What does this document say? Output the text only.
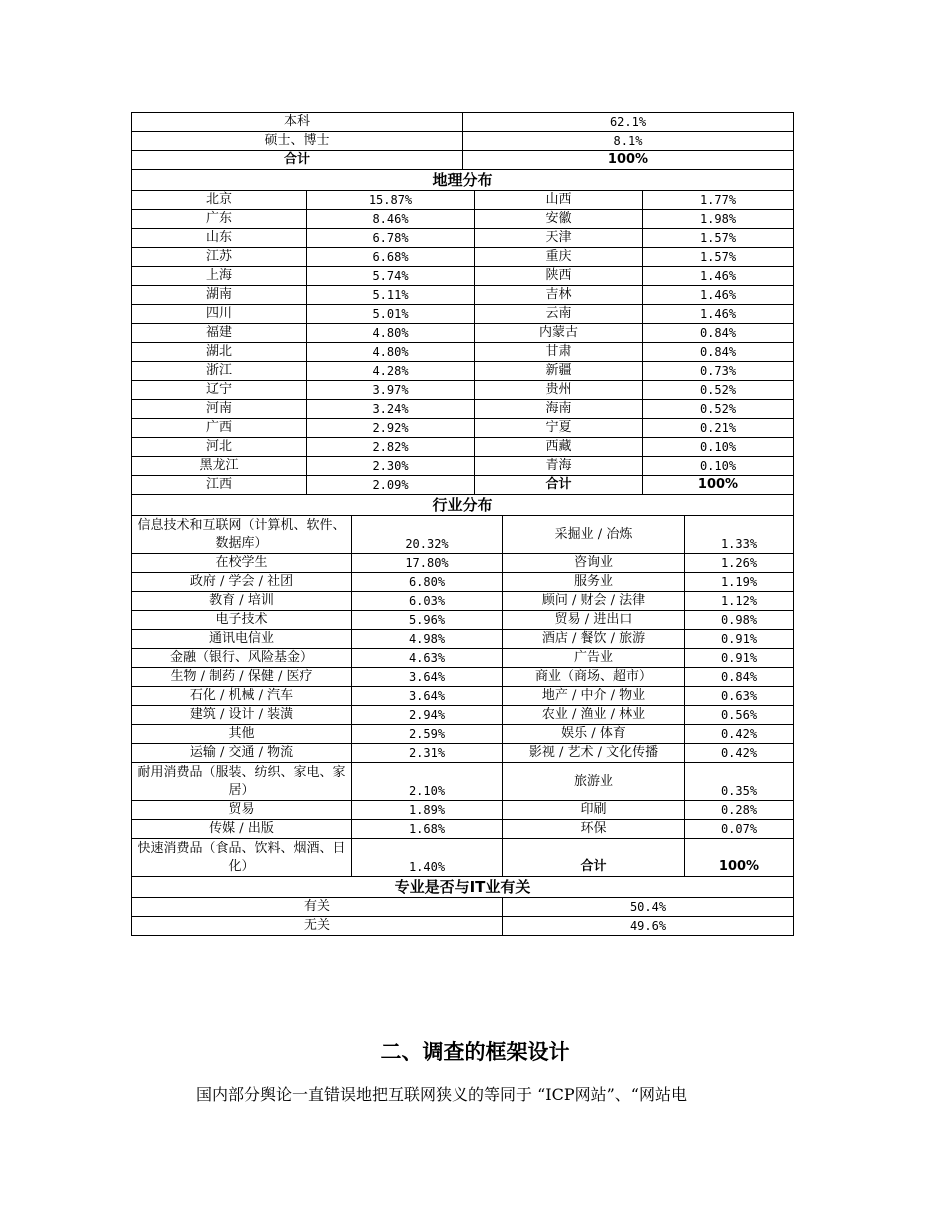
本科	62.1%
硕士、博士	8.1%
合计	100%
地理分布			
北京	15.87%	山西	1.77%
广东	8.46%	安徽	1.98%
山东	6.78%	天津	1.57%
江苏	6.68%	重庆	1.57%
上海	5.74%	陕西	1.46%
湖南	5.11%	吉林	1.46%
四川	5.01%	云南	1.46%
福建	4.80%	内蒙古	0.84%
湖北	4.80%	甘肃	0.84%
浙江	4.28%	新疆	0.73%
辽宁	3.97%	贵州	0.52%
河南	3.24%	海南	0.52%
广西	2.92%	宁夏	0.21%
河北	2.82%	西藏	0.10%
黑龙江	2.30%	青海	0.10%
江西	2.09%	合计	100%
行业分布			
信息技术和互联网（计算机、软件、数据库）	20.32%	采掘业 / 冶炼	1.33%
在校学生	17.80%	咨询业	1.26%
政府 / 学会 / 社团	6.80%	服务业	1.19%
教育 / 培训	6.03%	顾问 / 财会 / 法律	1.12%
电子技术	5.96%	贸易 / 进出口	0.98%
通讯电信业	4.98%	酒店 / 餐饮 / 旅游	0.91%
金融（银行、风险基金）	4.63%	广告业	0.91%
生物 / 制药 / 保健 / 医疗	3.64%	商业（商场、超市）	0.84%
石化 / 机械 / 汽车	3.64%	地产 / 中介 / 物业	0.63%
建筑 / 设计 / 装潢	2.94%	农业 / 渔业 / 林业	0.56%
其他	2.59%	娱乐 / 体育	0.42%
运输 / 交通 / 物流	2.31%	影视 / 艺术 / 文化传播	0.42%
耐用消费品（服装、纺织、家电、家居）	2.10%	旅游业	0.35%
贸易	1.89%	印刷	0.28%
传媒 / 出版	1.68%	环保	0.07%
快速消费品（食品、饮料、烟酒、日化）	1.40%	合计	100%
专业是否与IT业有关	
有关	50.4%
无关	49.6%
二、调查的框架设计
国内部分舆论一直错误地把互联网狭义的等同于 “ICP网站”、“网站电
